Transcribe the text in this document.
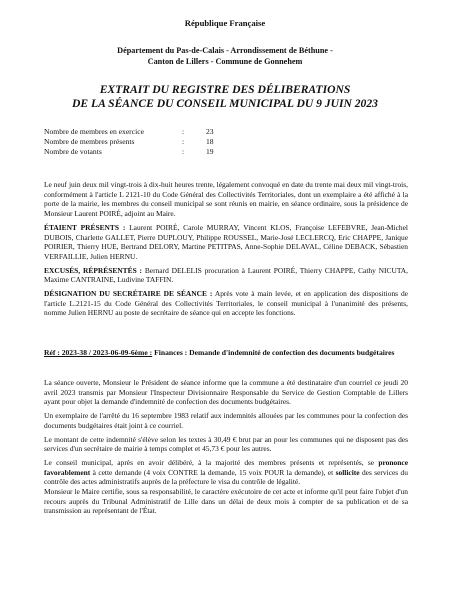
République Française
Département du Pas-de-Calais - Arrondissement de Béthune -
Canton de Lillers - Commune de Gonnehem
EXTRAIT DU REGISTRE DES DÉLIBERATIONS
DE LA SÉANCE DU CONSEIL MUNICIPAL DU 9 JUIN 2023
Nombre de membres en exercice	:	23
Nombre de membres présents	:	18
Nombre de votants	:	19

Le neuf juin deux mil vingt-trois à dix-huit heures trente, légalement convoqué en date du trente mai deux mil vingt-trois, conformément à l'article L 2121-10 du Code Général des Collectivités Territoriales, dont un exemplaire a été affiché à la porte de la mairie, les membres du conseil municipal se sont réunis en mairie, en séance ordinaire, sous la présidence de Monsieur Laurent POIRÉ, adjoint au Maire.

ÉTAIENT PRÉSENTS : Laurent POIRÉ, Carole MURRAY, Vincent KLOS, Françoise LEFEBVRE, Jean-Michel DUBOIS, Charlette GALLET, Pierre DUPLOUY, Philippe ROUSSEL, Marie-José LECLERCQ, Eric CHAPPE, Janique POIRIER, Thierry HUE, Bertrand DELORY, Martine PETITPAS, Anne-Sophie DELAVAL, Céline DEBACK, Sébastien VERFAILLIE, Julien HERNU.

EXCUSÉS, RÉPRÉSENTÉS : Bernard DELELIS procuration à Laurent POIRÉ, Thierry CHAPPE, Cathy NICUTA, Maxime CANTRAINE, Ludivine TAFFIN.

DÉSIGNATION DU SECRÉTAIRE DE SÉANCE : Après vote à main levée, et en application des dispositions de l'article L.2121-15 du Code Général des Collectivités Territoriales, le conseil municipal à l'unanimité des présents, nomme Julien HERNU au poste de secrétaire de séance qui en accepte les fonctions.

Réf : 2023-38 / 2023-06-09-6ème : Finances : Demande d'indemnité de confection des documents budgétaires

La séance ouverte, Monsieur le Président de séance informe que la commune a été destinataire d'un courriel ce jeudi 20 avril 2023 transmis par Monsieur l'Inspecteur Divisionnaire Responsable du Service de Gestion Comptable de Lillers ayant pour objet la demande d'indemnité de confection des documents budgétaires.

Un exemplaire de l'arrêté du 16 septembre 1983 relatif aux indemnités allouées par les communes pour la confection des documents budgétaires était joint à ce courriel.

Le montant de cette indemnité s'élève selon les textes à 30,49 € brut par an pour les communes qui ne disposent pas des services d'un secrétaire de mairie à temps complet et 45,73 € pour les autres.

Le conseil municipal, après en avoir délibéré, à la majorité des membres présents et représentés, se prononce favorablement à cette demande (4 voix CONTRE la demande, 15 voix POUR la demande), et sollicite des services du contrôle des actes administratifs auprès de la préfecture le visa du contrôle de légalité.

Monsieur le Maire certifie, sous sa responsabilité, le caractère exécutoire de cet acte et informe qu'il peut faire l'objet d'un recours auprès du Tribunal Administratif de Lille dans un délai de deux mois à compter de sa publication et de sa transmission au représentant de l'État.
